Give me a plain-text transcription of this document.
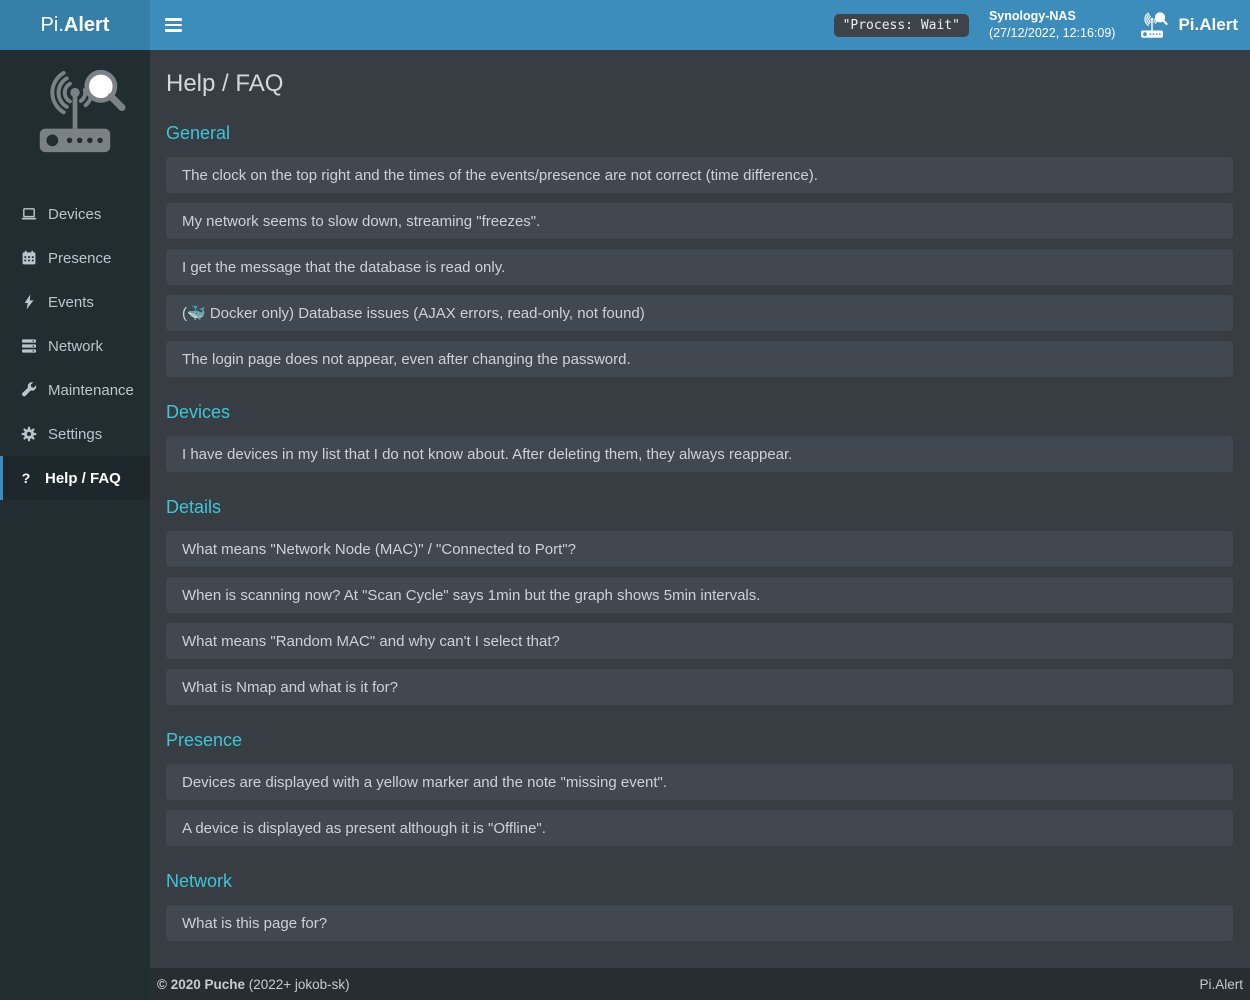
Pi. Alert	"Process: Wait"
Synology-NAS
(27/12/2022, 12:16:09)	Pi.Alert
Devices
Presence
Events
Network
Maintenance
Settings
? Help / FAQ
Help / FAQ
General
The clock on the top right and the times of the events/presence are not correct (time difference).
My network seems to slow down, streaming "freezes".
I get the message that the database is read only.
(🐳 Docker only) Database issues (AJAX errors, read-only, not found)
The login page does not appear, even after changing the password.
Devices
I have devices in my list that I do not know about. After deleting them, they always reappear.
Details
What means "Network Node (MAC)" / "Connected to Port"?
When is scanning now? At "Scan Cycle" says 1min but the graph shows 5min intervals.
What means "Random MAC" and why can't I select that?
What is Nmap and what is it for?
Presence
Devices are displayed with a yellow marker and the note "missing event".
A device is displayed as present although it is "Offline".
Network
What is this page for?
© 2020 Puche (2022+ jokob-sk)	Pi.Alert
